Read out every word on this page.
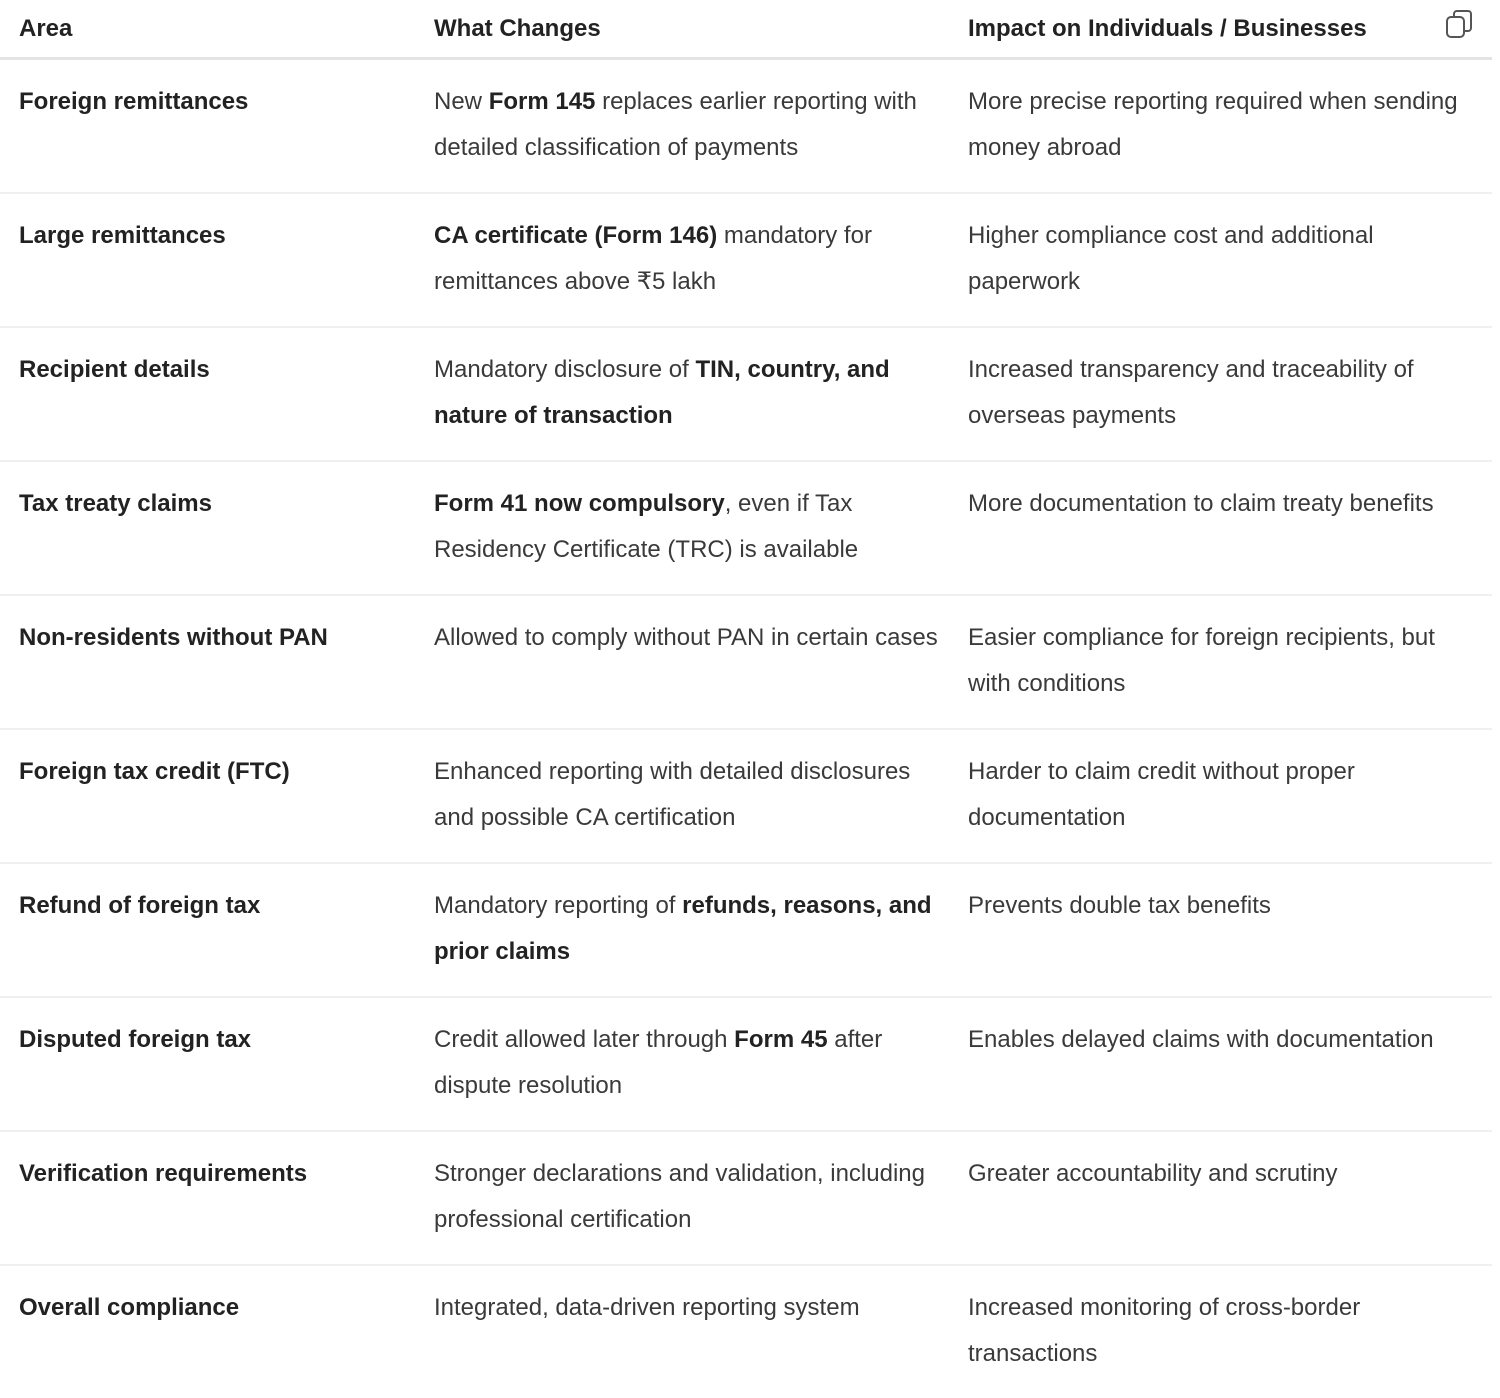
Area	What Changes	Impact on Individuals / Businesses
Foreign remittances	New Form 145 replaces earlier reporting with detailed classification of payments	More precise reporting required when sending money abroad
Large remittances	CA certificate (Form 146) mandatory for remittances above ₹5 lakh	Higher compliance cost and additional paperwork
Recipient details	Mandatory disclosure of TIN, country, and nature of transaction	Increased transparency and traceability of overseas payments
Tax treaty claims	Form 41 now compulsory, even if Tax Residency Certificate (TRC) is available	More documentation to claim treaty benefits
Non-residents without PAN	Allowed to comply without PAN in certain cases	Easier compliance for foreign recipients, but with conditions
Foreign tax credit (FTC)	Enhanced reporting with detailed disclosures and possible CA certification	Harder to claim credit without proper documentation
Refund of foreign tax	Mandatory reporting of refunds, reasons, and prior claims	Prevents double tax benefits
Disputed foreign tax	Credit allowed later through Form 45 after dispute resolution	Enables delayed claims with documentation
Verification requirements	Stronger declarations and validation, including professional certification	Greater accountability and scrutiny
Overall compliance	Integrated, data-driven reporting system	Increased monitoring of cross-border transactions
